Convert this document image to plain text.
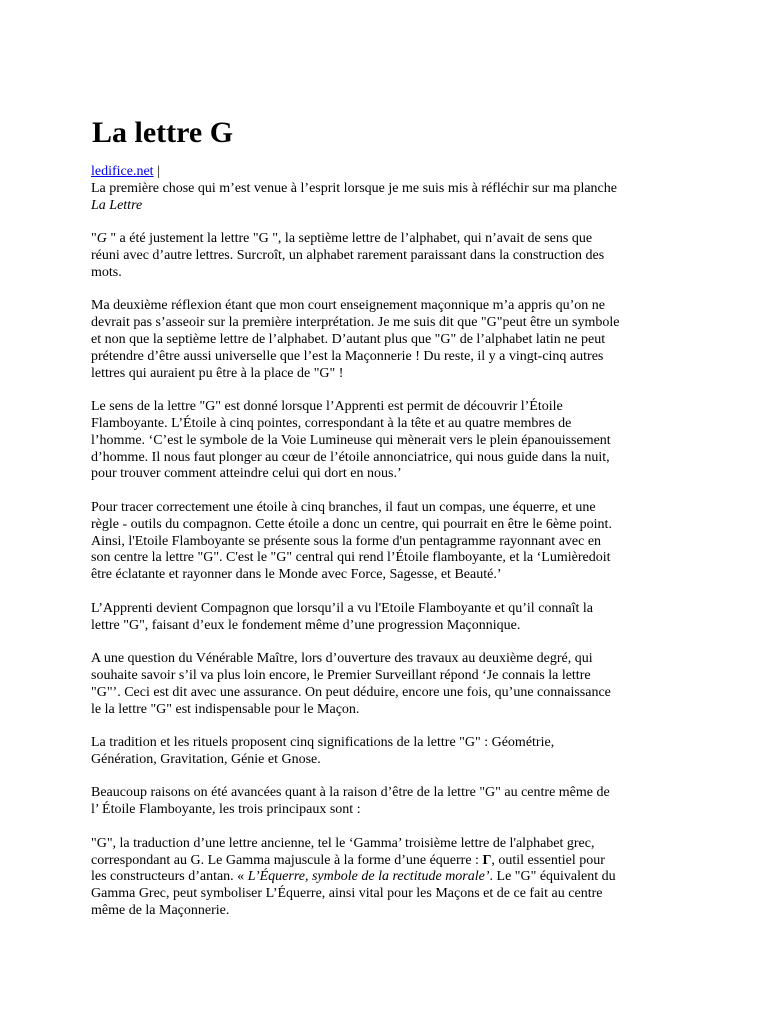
La lettre G
ledifice.net |
La première chose qui m’est venue à l’esprit lorsque je me suis mis à réfléchir sur ma planche
La Lettre
"G " a été justement la lettre "G ", la septième lettre de l’alphabet, qui n’avait de sens que
réuni avec d’autre lettres. Surcroît, un alphabet rarement paraissant dans la construction des
mots.
Ma deuxième réflexion étant que mon court enseignement maçonnique m’a appris qu’on ne
devrait pas s’asseoir sur la première interprétation. Je me suis dit que "G"peut être un symbole
et non que la septième lettre de l’alphabet. D’autant plus que "G" de l’alphabet latin ne peut
prétendre d’être aussi universelle que l’est la Maçonnerie ! Du reste, il y a vingt-cinq autres
lettres qui auraient pu être à la place de "G" !
Le sens de la lettre "G" est donné lorsque l’Apprenti est permit de découvrir l’Étoile
Flamboyante. L’Étoile à cinq pointes, correspondant à la tête et au quatre membres de
l’homme. ‘C’est le symbole de la Voie Lumineuse qui mènerait vers le plein épanouissement
d’homme. Il nous faut plonger au cœur de l’étoile annonciatrice, qui nous guide dans la nuit,
pour trouver comment atteindre celui qui dort en nous.’
Pour tracer correctement une étoile à cinq branches, il faut un compas, une équerre, et une
règle - outils du compagnon. Cette étoile a donc un centre, qui pourrait en être le 6ème point.
Ainsi, l'Etoile Flamboyante se présente sous la forme d'un pentagramme rayonnant avec en
son centre la lettre "G". C'est le "G" central qui rend l’Étoile flamboyante, et la ‘Lumièredoit
être éclatante et rayonner dans le Monde avec Force, Sagesse, et Beauté.’
L’Apprenti devient Compagnon que lorsqu’il a vu l'Etoile Flamboyante et qu’il connaît la
lettre "G", faisant d’eux le fondement même d’une progression Maçonnique.
A une question du Vénérable Maître, lors d’ouverture des travaux au deuxième degré, qui
souhaite savoir s’il va plus loin encore, le Premier Surveillant répond ‘Je connais la lettre
"G"’. Ceci est dit avec une assurance. On peut déduire, encore une fois, qu’une connaissance
le la lettre "G" est indispensable pour le Maçon.
La tradition et les rituels proposent cinq significations de la lettre "G" : Géométrie,
Génération, Gravitation, Génie et Gnose.
Beaucoup raisons on été avancées quant à la raison d’être de la lettre "G" au centre même de
l’ Étoile Flamboyante, les trois principaux sont :
"G", la traduction d’une lettre ancienne, tel le ‘Gamma’ troisième lettre de l'alphabet grec,
correspondant au G. Le Gamma majuscule à la forme d’une équerre : Γ, outil essentiel pour
les constructeurs d’antan. « L’Équerre, symbole de la rectitude morale’. Le "G" équivalent du
Gamma Grec, peut symboliser L’Équerre, ainsi vital pour les Maçons et de ce fait au centre
même de la Maçonnerie.
